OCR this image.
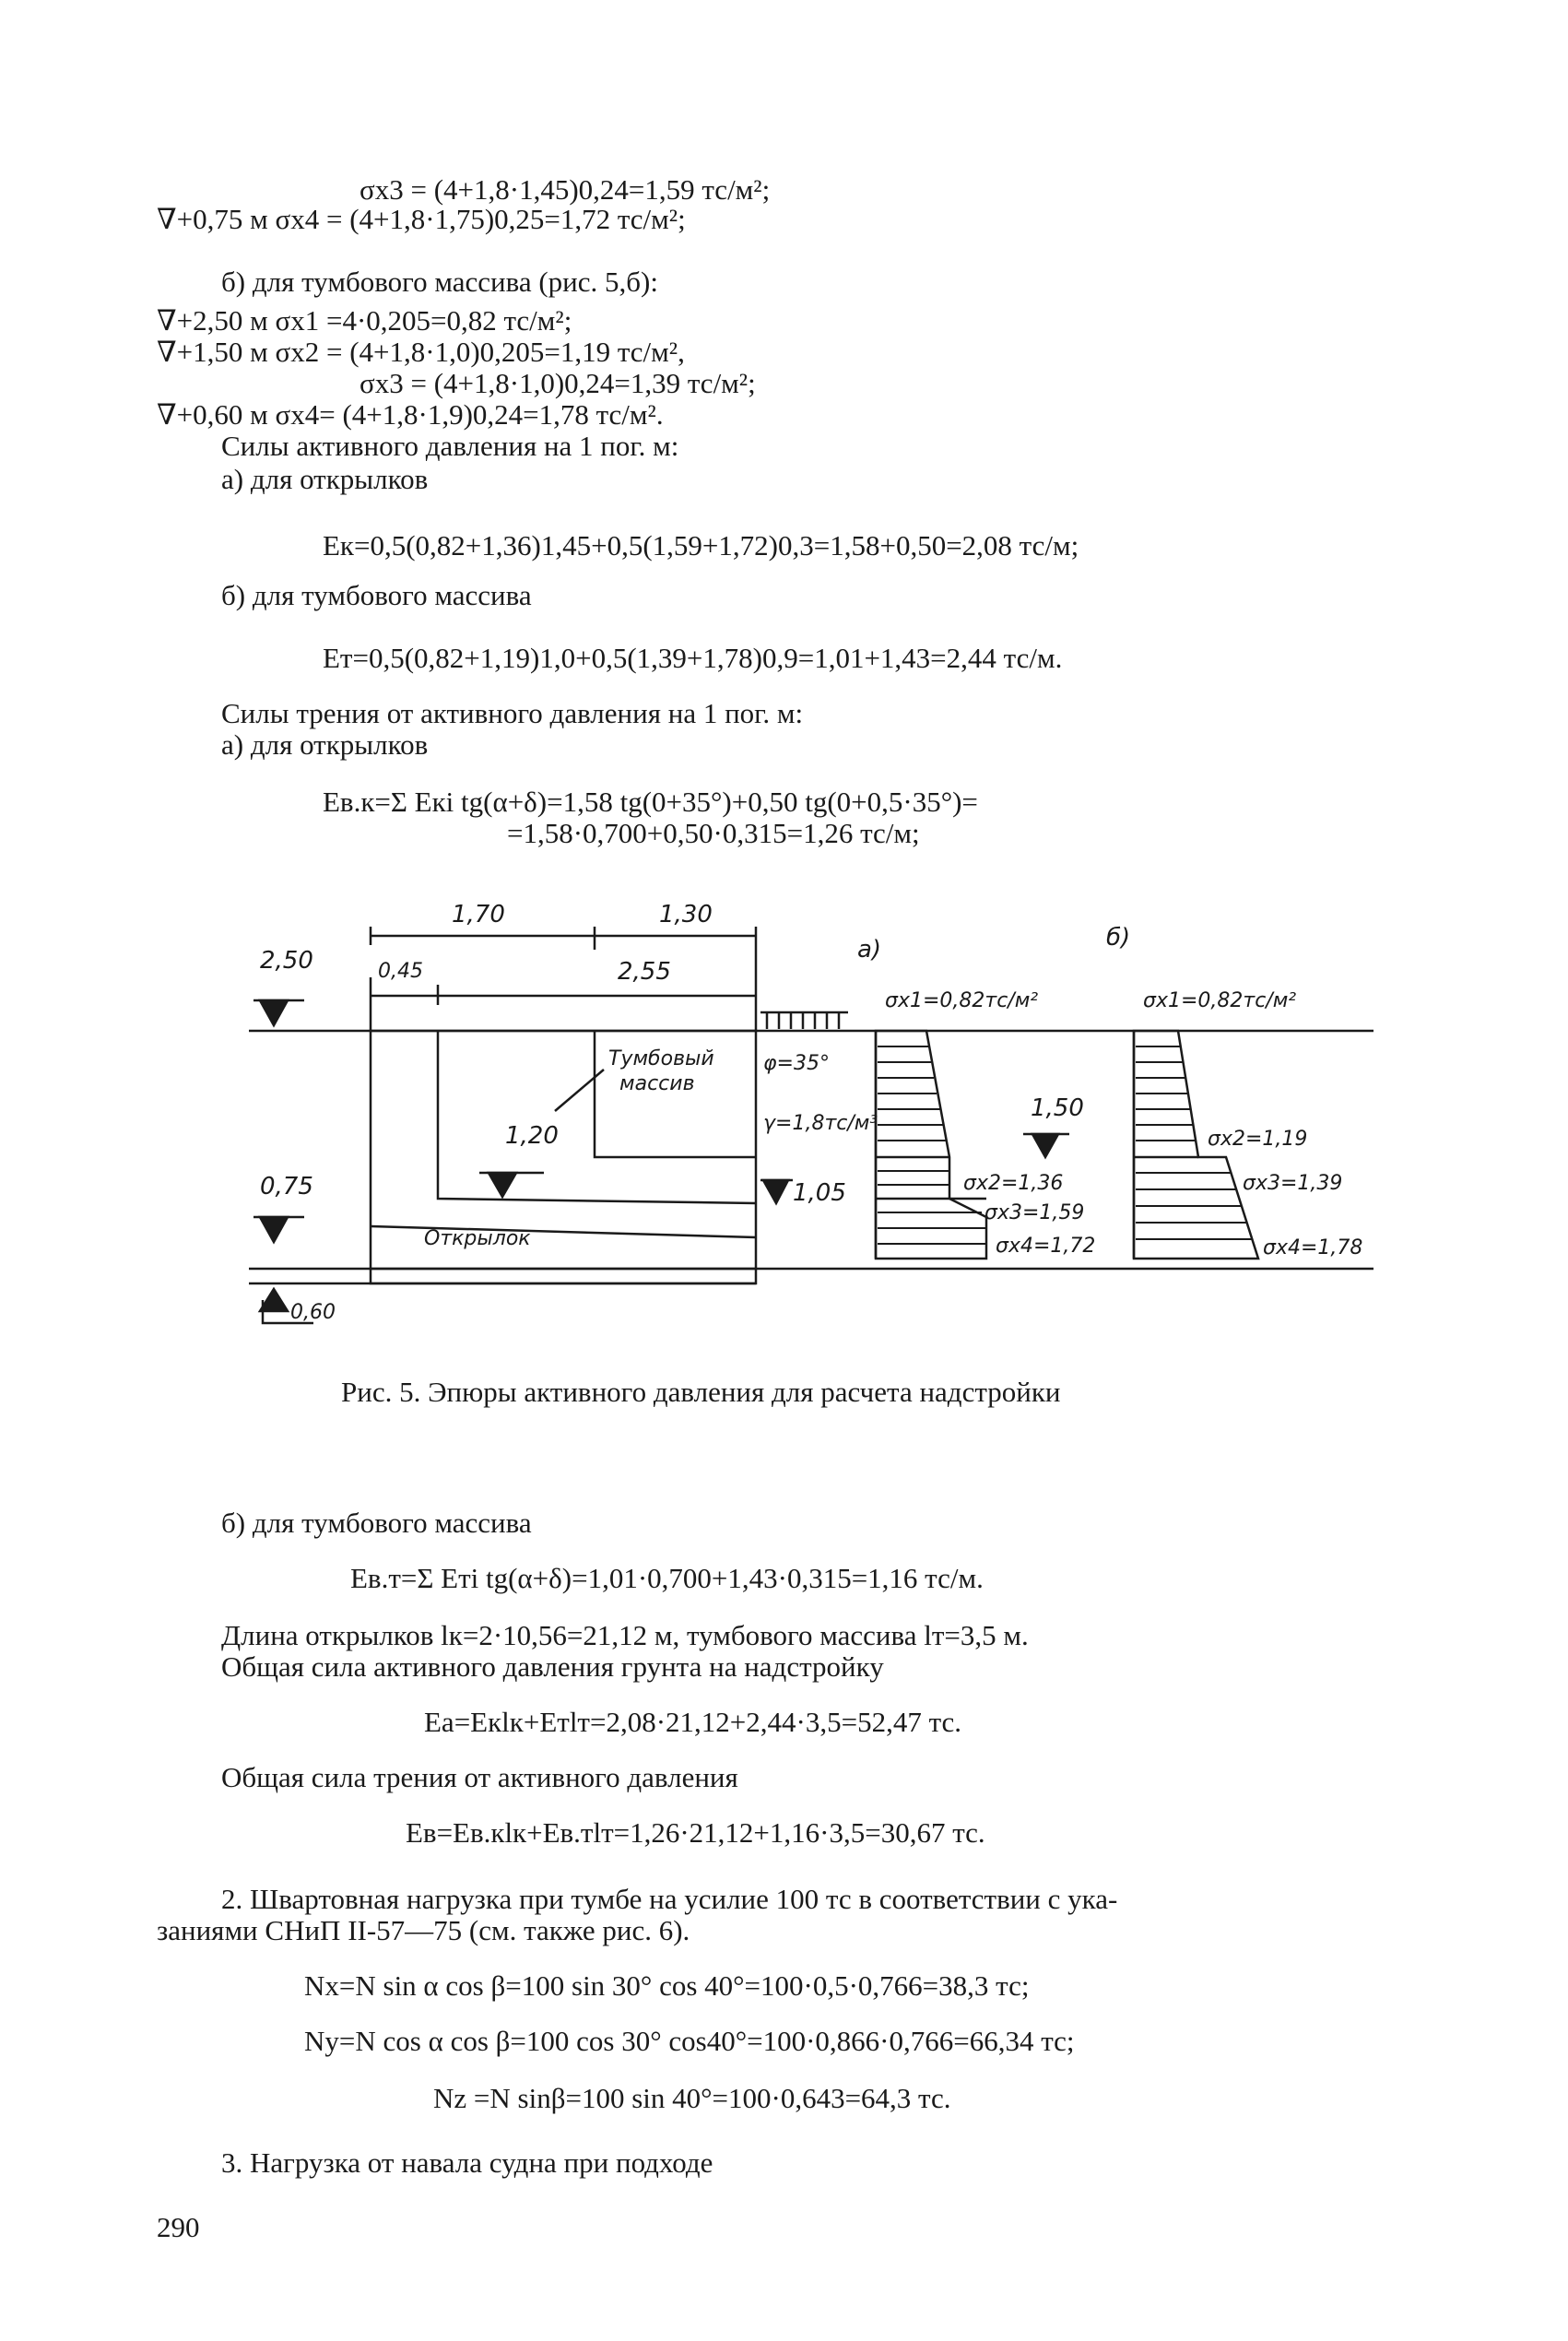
σx3 = (4+1,8·1,45)0,24=1,59 тс/м²;
∇+0,75 м σx4 = (4+1,8·1,75)0,25=1,72 тс/м²;
б) для тумбового массива (рис. 5,б):
∇+2,50 м σx1 =4·0,205=0,82 тс/м²;
∇+1,50 м σx2 = (4+1,8·1,0)0,205=1,19 тс/м²,
σx3 = (4+1,8·1,0)0,24=1,39 тс/м²;
∇+0,60 м σx4= (4+1,8·1,9)0,24=1,78 тс/м².
Силы активного давления на 1 пог. м:
а) для открылков
Eк=0,5(0,82+1,36)1,45+0,5(1,59+1,72)0,3=1,58+0,50=2,08 тс/м;
б) для тумбового массива
Eт=0,5(0,82+1,19)1,0+0,5(1,39+1,78)0,9=1,01+1,43=2,44 тс/м.
Силы трения от активного давления на 1 пог. м:
а) для открылков
Eв.к=Σ Eкi tg(α+δ)=1,58 tg(0+35°)+0,50 tg(0+0,5·35°)=
=1,58·0,700+0,50·0,315=1,26 тс/м;
1,70	1,30
0,45	2,55
2,50
0,75
0,60
1,20
1,05
1,50
Тумбовый
массив
Открылок
φ=35°
γ=1,8тс/м³
а)	б)
σx1=0,82тс/м²
σx2=1,36
σx3=1,59
σx4=1,72
σx1=0,82тс/м²
σx2=1,19
σx3=1,39
σx4=1,78
Рис. 5. Эпюры активного давления для расчета надстройки
б) для тумбового массива
Eв.т=Σ Eтi tg(α+δ)=1,01·0,700+1,43·0,315=1,16 тс/м.
Длина открылков lк=2·10,56=21,12 м, тумбового массива lт=3,5 м.
Общая сила активного давления грунта на надстройку
Eа=Eкlк+Eтlт=2,08·21,12+2,44·3,5=52,47 тс.
Общая сила трения от активного давления
Eв=Eв.кlк+Eв.тlт=1,26·21,12+1,16·3,5=30,67 тс.
2. Швартовная нагрузка при тумбе на усилие 100 тс в соответствии с ука-
заниями СНиП II-57—75 (см. также рис. 6).
Nx=N sin α cos β=100 sin 30° cos 40°=100·0,5·0,766=38,3 тс;
Ny=N cos α cos β=100 cos 30° cos40°=100·0,866·0,766=66,34 тс;
Nz =N sinβ=100 sin 40°=100·0,643=64,3 тс.
3. Нагрузка от навала судна при подходе
290
